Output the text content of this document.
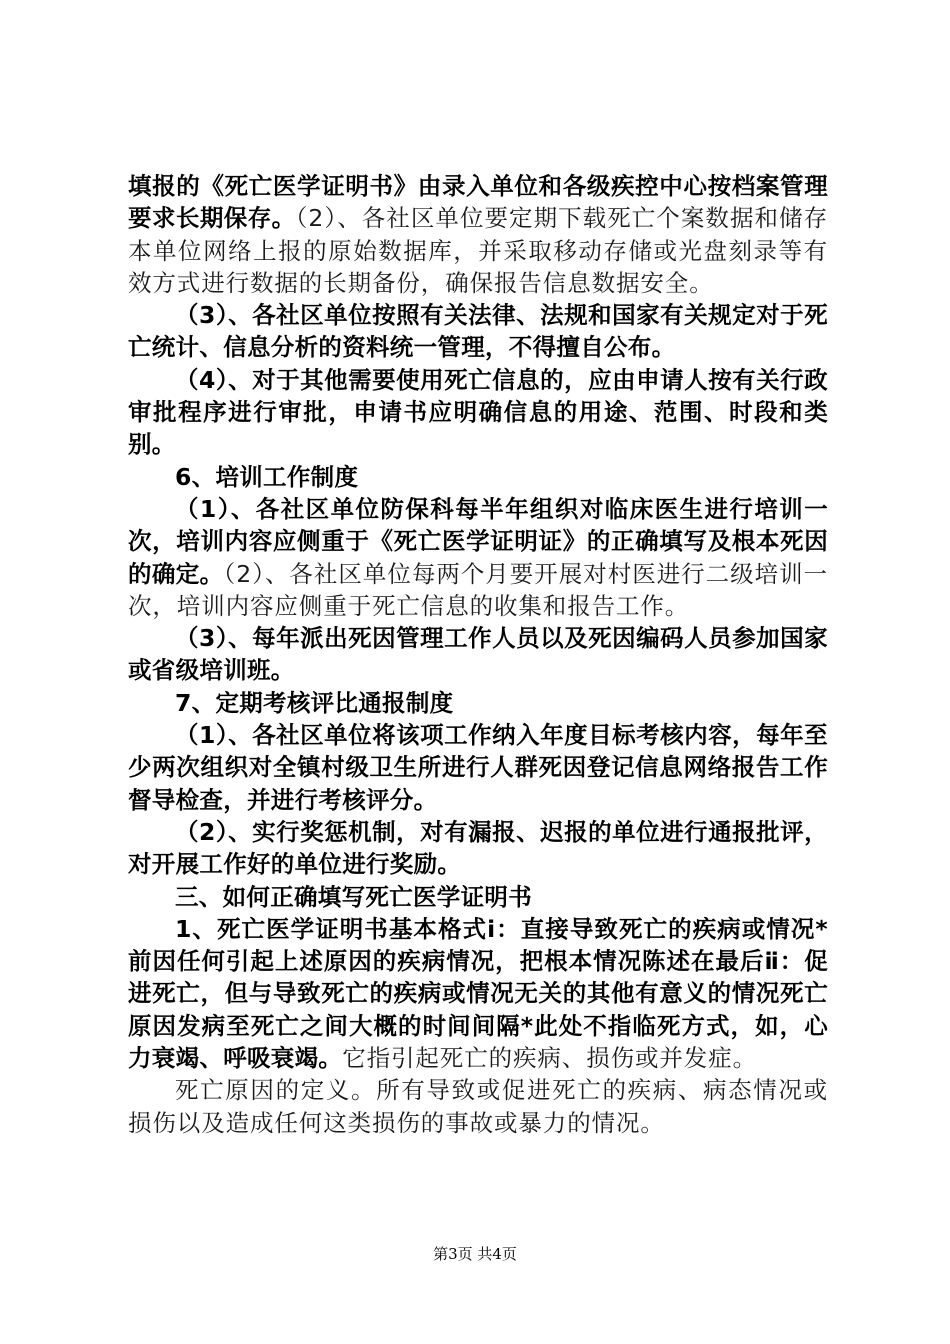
填报的《死亡医学证明书》由录入单位和各级疾控中心按档案管理要求长期保存。（2）、各社区单位要定期下载死亡个案数据和储存本单位网络上报的原始数据库，并采取移动存储或光盘刻录等有效方式进行数据的长期备份，确保报告信息数据安全。

（3）、各社区单位按照有关法律、法规和国家有关规定对于死亡统计、信息分析的资料统一管理，不得擅自公布。

（4）、对于其他需要使用死亡信息的，应由申请人按有关行政审批程序进行审批，申请书应明确信息的用途、范围、时段和类别。

6、培训工作制度

（1）、各社区单位防保科每半年组织对临床医生进行培训一次，培训内容应侧重于《死亡医学证明证》的正确填写及根本死因的确定。（2）、各社区单位每两个月要开展对村医进行二级培训一次，培训内容应侧重于死亡信息的收集和报告工作。

（3）、每年派出死因管理工作人员以及死因编码人员参加国家或省级培训班。

7、定期考核评比通报制度

（1）、各社区单位将该项工作纳入年度目标考核内容，每年至少两次组织对全镇村级卫生所进行人群死因登记信息网络报告工作督导检查，并进行考核评分。

（2）、实行奖惩机制，对有漏报、迟报的单位进行通报批评，对开展工作好的单位进行奖励。

三、如何正确填写死亡医学证明书

1、死亡医学证明书基本格式ⅰ：直接导致死亡的疾病或情况*前因任何引起上述原因的疾病情况，把根本情况陈述在最后ⅱ：促进死亡，但与导致死亡的疾病或情况无关的其他有意义的情况死亡原因发病至死亡之间大概的时间间隔*此处不指临死方式，如，心力衰竭、呼吸衰竭。它指引起死亡的疾病、损伤或并发症。

死亡原因的定义。所有导致或促进死亡的疾病、病态情况或损伤以及造成任何这类损伤的事故或暴力的情况。

第3页 共4页
